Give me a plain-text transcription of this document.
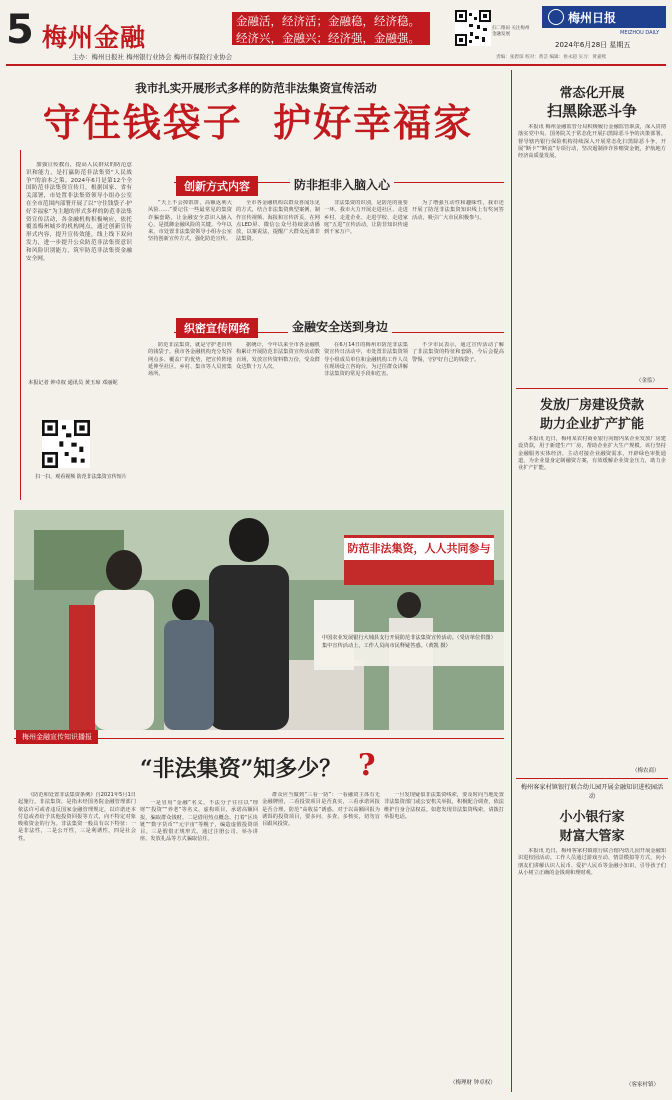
5 梅州金融
金融活，经济活；金融稳，经济稳。
经济兴，金融兴；经济强，金融强。
扫二维码 关注梅州金融发展
梅州日报
MEIZHOU DAILY
2024年6月28日 星期五
主办：梅州日报社 梅州银行业协会 梅州市保险行业协会	责编：张碧琼 校对：黄芸 编辑：侯永超 实习：黄嘉熙
我市扎实开展形式多样的防范非法集资宣传活动
守住钱袋子  护好幸福家

加强宣传教育，提高人民群众的防范意识和能力，是打赢防范非法集资“人民战争”的治本之策。2024年6月是第12个全国防范非法集资宣传月，根据国家、省有关部署，市处置非法集资领导小组办公室在全市范围内部署开展了以“守住钱袋子·护好幸福家”为主题的形式多样的防范非法集资宣传活动，各金融机构积极响应，依托覆盖梅州城乡的机构网点，通过创新宣传形式内容，提升宣传效能，线上线下双向发力，进一步提升公众防范非法集资意识和风险识别能力，筑牢防范非法集资金融安全网。

本报记者 钟卓权 通讯员 黄玉琼 邓丽妮
扫一扫，观看视频 防范非法集资宣传短片
创新方式内容	防非拒非入脑入心

“天上不会掉馅饼，高额返利大风险……”要记住一些最常见的集资诈骗套路，让金融安全意识入脑入心，是抵御金融风险的关键。今年以来，市处置非法集资领导小组办公室坚持创新宣传方式，强化防范宣传。

全市各金融机构以群众喜闻乐见的方式，结合非法集资典型案例，制作宣传视频、海报和宣传折页，在网点LED屏、微信公众号持续滚动播放，以案说法，提醒广大群众远离非法集资。

非法集资的识别，是防范的重要一环。我市大力开展走进社区、走进乡村、走进企业、走进学校、走进家庭“五进”宣传活动，让防非知识传递到千家万户。

为了增强互动性和趣味性，我市还开展了防范非法集资知识线上有奖问答活动，吸引广大市民积极参与。

织密宣传网络	金融安全送到身边

防范非法集资，就是守护老百姓的钱袋子。我市各金融机构充分发挥网点多、覆盖广的优势，把宣传阵地延伸至社区、乡村、集市等人员密集场所。

据统计，今年以来全市各金融机构累计开展防范非法集资宣传活动数百场，发放宣传资料数万份，受众群众达数十万人次。

在6月14日的梅州市防范非法集资宣传日活动中，市处置非法集资领导小组成员单位和金融机构工作人员在现场设立咨询台，为过往群众讲解非法集资的常见手段和危害。

不少市民表示，通过宣传活动了解了非法集资的特征和套路，今后会提高警惕，守护好自己的钱袋子。

防范非法集资，人人共同参与
中国农业发展银行大埔县支行开展防范非法集资宣传活动。（受访单位供图）
集中宣传活动上，工作人员向市民释疑答惑。（黄凯 摄）
梅州金融宣传知识播报
“非法集资”知多少？ ?

《防范和处置非法集资条例》自2021年5月1日起施行。非法集资，是指未经国务院金融管理部门依法许可或者违反国家金融管理规定，以许诺还本付息或者给予其他投资回报等方式，向不特定对象吸收资金的行为。非法集资一般具有以下特征：一是非法性，二是公开性，三是利诱性，四是社会性。

一是冒用“金融”名义。不法分子往往以“理财”“投资”“养老”等名义，虚构项目，承诺高额回报，骗取群众钱财。二是借用热点概念。打着“区块链”“数字货币”“元宇宙”等幌子，编造虚假投资项目。三是假借正规形式。通过注册公司、举办讲座、发放礼品等方式骗取信任。

群众应当做到“三看一防”：一看融资主体有无金融牌照，二看投资项目是否真实，三看承诺回报是否合理，防范“高收益”诱惑。对于以高额回报为诱饵的投资项目，要多问、多查、多核实，切勿盲目跟风投资。

一旦发现疑似非法集资线索，要及时向当地处置非法集资部门或公安机关举报，积极配合调查，依法维护自身合法权益。如您发现非法集资线索，请拨打举报电话。

（梅理财 钟卓权）
常态化开展
扫黑除恶斗争

本报讯 梅州金融监管分局积极履行金融监管职责，深入贯彻落实党中央、国务院关于常态化开展扫黑除恶斗争的决策部署。督导辖内银行保险机构持续深入开展常态化扫黑除恶斗争，开展“断卡”“断流”专项行动，坚决遏制涉诈涉赌资金链，护航地方经济高质量发展。

（金监）
发放厂房建设贷款
助力企业扩产扩能

本报讯 近日，梅州某农村商业银行向辖内某企业发放厂房建设贷款，用于新建生产厂房，帮助企业扩大生产规模。该行坚持金融服务实体经济，主动对接企业融资需求，开辟绿色审批通道，为企业量身定制融资方案，有效缓解企业资金压力，助力企业扩产扩能。

（梅农商）
梅州客家村镇银行联合幼儿园开展金融知识进校园活动
小小银行家
财富大管家

本报讯 近日，梅州客家村镇银行联合辖内幼儿园开展金融知识进校园活动。工作人员通过游戏互动、情景模拟等方式，向小朋友们讲解认识人民币、爱护人民币等金融小知识，引导孩子们从小树立正确的金钱观和理财观。

（客家村镇）
